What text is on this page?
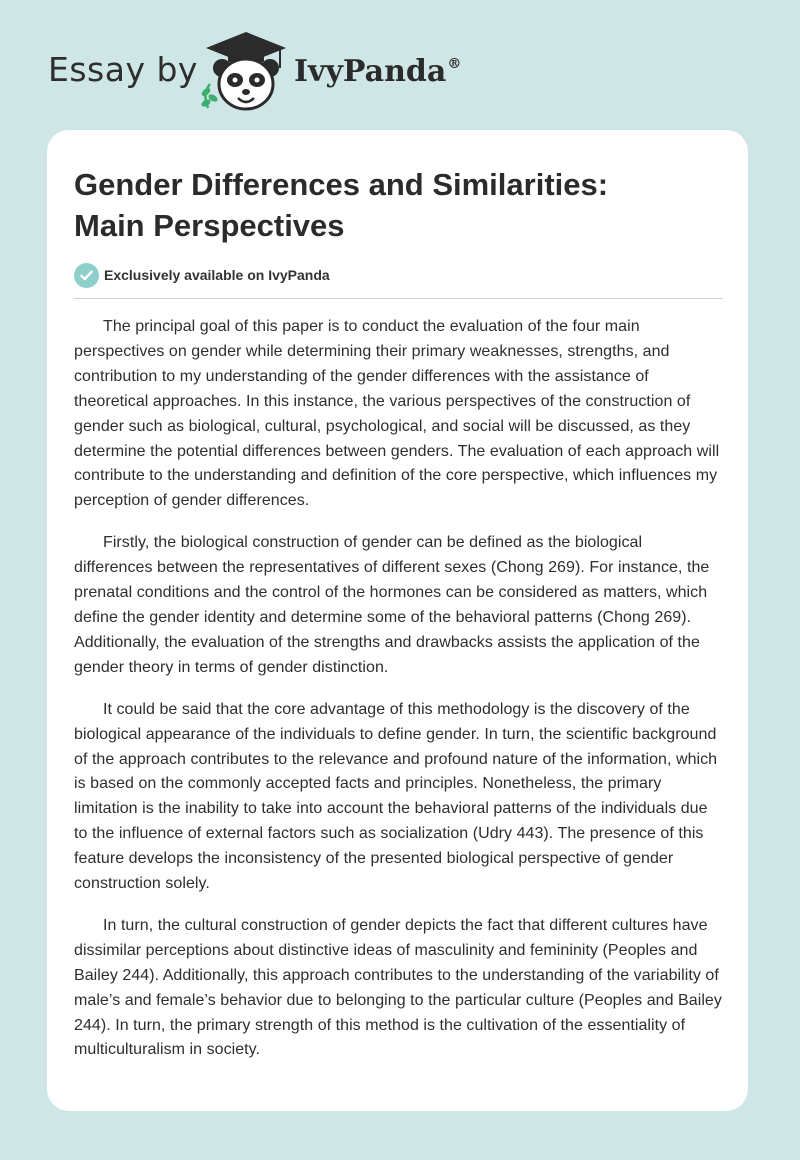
Essay by	IvyPanda®
Gender Differences and Similarities:
Main Perspectives
Exclusively available on IvyPanda

The principal goal of this paper is to conduct the evaluation of the four main perspectives on gender while determining their primary weaknesses, strengths, and contribution to my understanding of the gender differences with the assistance of theoretical approaches. In this instance, the various perspectives of the construction of gender such as biological, cultural, psychological, and social will be discussed, as they determine the potential differences between genders. The evaluation of each approach will contribute to the understanding and definition of the core perspective, which influences my perception of gender differences.

Firstly, the biological construction of gender can be defined as the biological differences between the representatives of different sexes (Chong 269). For instance, the prenatal conditions and the control of the hormones can be considered as matters, which define the gender identity and determine some of the behavioral patterns (Chong 269). Additionally, the evaluation of the strengths and drawbacks assists the application of the gender theory in terms of gender distinction.

It could be said that the core advantage of this methodology is the discovery of the biological appearance of the individuals to define gender. In turn, the scientific background of the approach contributes to the relevance and profound nature of the information, which is based on the commonly accepted facts and principles. Nonetheless, the primary limitation is the inability to take into account the behavioral patterns of the individuals due to the influence of external factors such as socialization (Udry 443). The presence of this feature develops the inconsistency of the presented biological perspective of gender construction solely.

In turn, the cultural construction of gender depicts the fact that different cultures have dissimilar perceptions about distinctive ideas of masculinity and femininity (Peoples and Bailey 244). Additionally, this approach contributes to the understanding of the variability of male’s and female’s behavior due to belonging to the particular culture (Peoples and Bailey 244). In turn, the primary strength of this method is the cultivation of the essentiality of multiculturalism in society.
